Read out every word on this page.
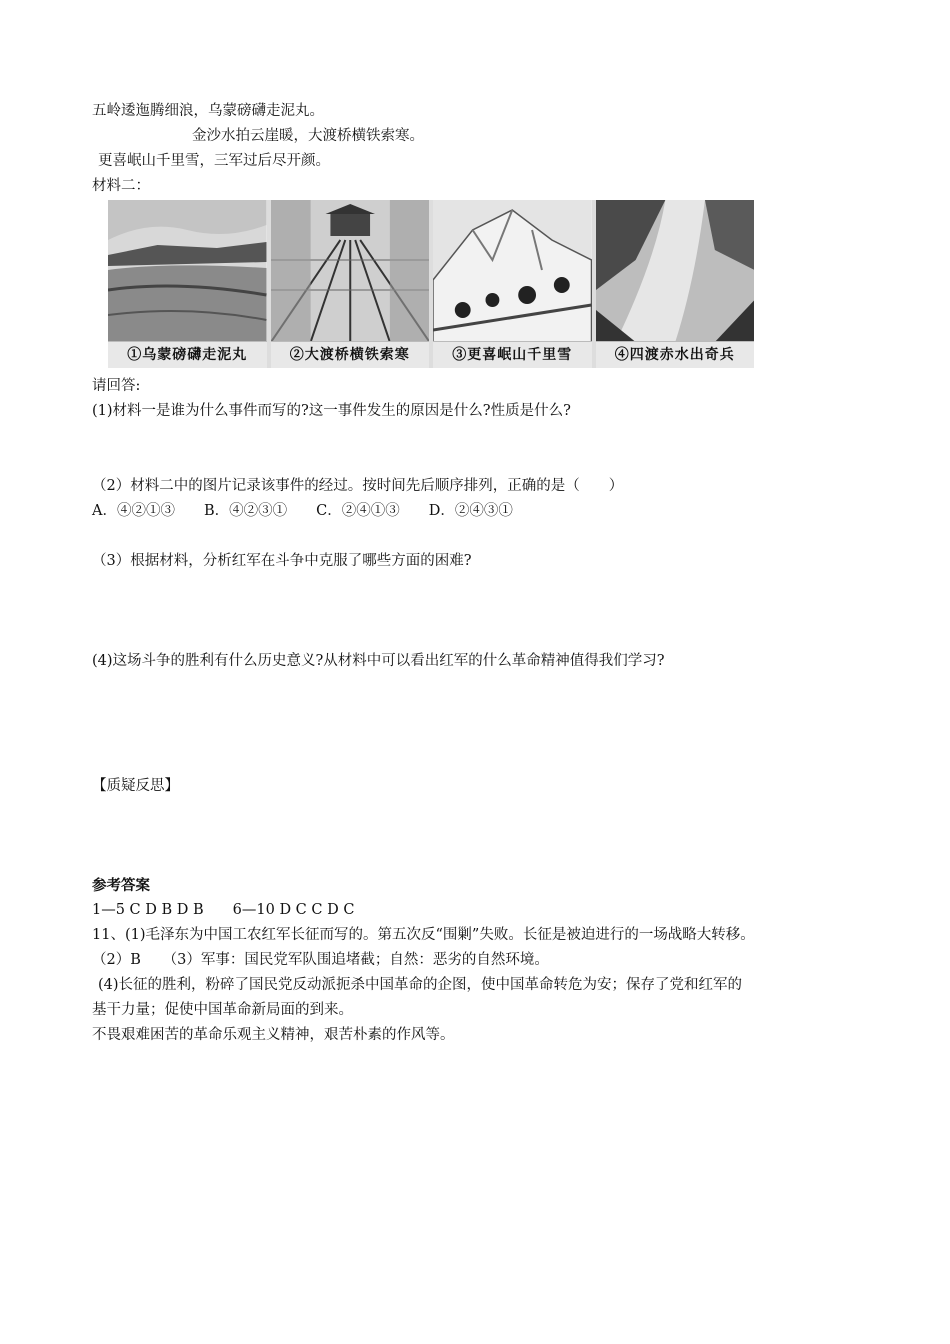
五岭逶迤腾细浪，乌蒙磅礴走泥丸。
金沙水拍云崖暖，大渡桥横铁索寒。
更喜岷山千里雪，三军过后尽开颜。
材料二：
①乌蒙磅礴走泥丸	②大渡桥横铁索寒	③更喜岷山千里雪	④四渡赤水出奇兵
请回答:
(1)材料一是谁为什么事件而写的?这一事件发生的原因是什么?性质是什么?
（2）材料二中的图片记录该事件的经过。按时间先后顺序排列，正确的是（　　）
A．④②①③　　B．④②③①　　C．②④①③　　D．②④③①
（3）根据材料，分析红军在斗争中克服了哪些方面的困难?
(4)这场斗争的胜利有什么历史意义?从材料中可以看出红军的什么革命精神值得我们学习?
【质疑反思】
参考答案
1—5 C D B D B　　6—10 D C C D C
11、(1)毛泽东为中国工农红军长征而写的。第五次反“围剿”失败。长征是被迫进行的一场战略大转移。
（2）B　　（3）军事：国民党军队围追堵截；自然：恶劣的自然环境。
(4)长征的胜利，粉碎了国民党反动派扼杀中国革命的企图，使中国革命转危为安；保存了党和红军的
基干力量；促使中国革命新局面的到来。
不畏艰难困苦的革命乐观主义精神，艰苦朴素的作风等。
